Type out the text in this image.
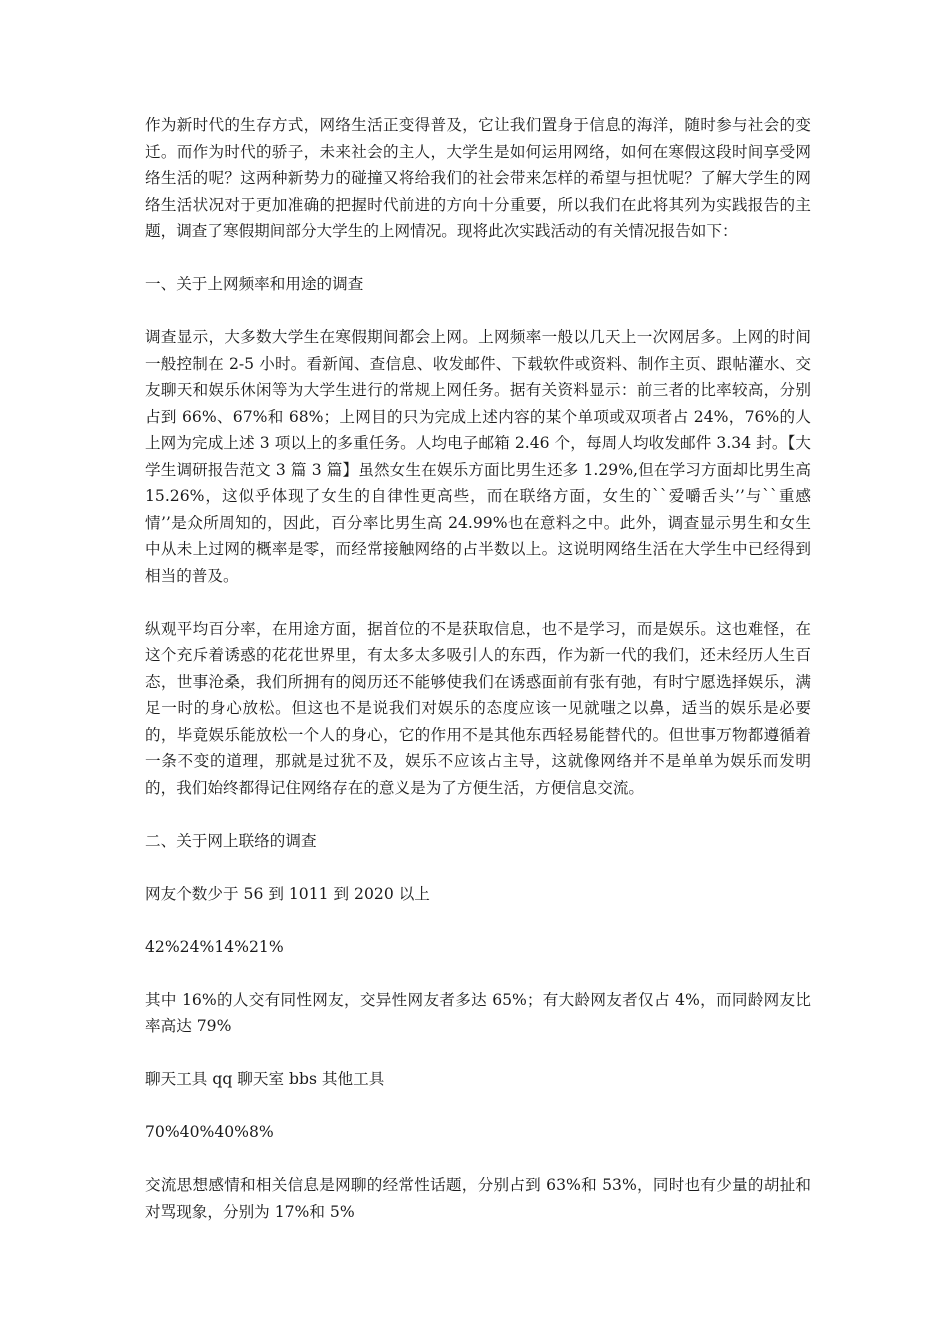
作为新时代的生存方式，网络生活正变得普及，它让我们置身于信息的海洋，随时参与社会的变迁。而作为时代的骄子，未来社会的主人，大学生是如何运用网络，如何在寒假这段时间享受网络生活的呢？这两种新势力的碰撞又将给我们的社会带来怎样的希望与担忧呢？了解大学生的网络生活状况对于更加准确的把握时代前进的方向十分重要，所以我们在此将其列为实践报告的主题，调查了寒假期间部分大学生的上网情况。现将此次实践活动的有关情况报告如下：

一、关于上网频率和用途的调查

调查显示，大多数大学生在寒假期间都会上网。上网频率一般以几天上一次网居多。上网的时间一般控制在 2-5 小时。看新闻、查信息、收发邮件、下载软件或资料、制作主页、跟帖灌水、交友聊天和娱乐休闲等为大学生进行的常规上网任务。据有关资料显示：前三者的比率较高，分别占到 66%、67%和 68%；上网目的只为完成上述内容的某个单项或双项者占 24%，76%的人上网为完成上述 3 项以上的多重任务。人均电子邮箱 2.46 个，每周人均收发邮件 3.34 封。【大学生调研报告范文 3 篇 3 篇】虽然女生在娱乐方面比男生还多 1.29%,但在学习方面却比男生高 15.26%，这似乎体现了女生的自律性更高些，而在联络方面，女生的``爱嚼舌头’’与``重感情’’是众所周知的，因此，百分率比男生高 24.99%也在意料之中。此外，调查显示男生和女生中从未上过网的概率是零，而经常接触网络的占半数以上。这说明网络生活在大学生中已经得到相当的普及。

纵观平均百分率，在用途方面，据首位的不是获取信息，也不是学习，而是娱乐。这也难怪，在这个充斥着诱惑的花花世界里，有太多太多吸引人的东西，作为新一代的我们，还未经历人生百态，世事沧桑，我们所拥有的阅历还不能够使我们在诱惑面前有张有弛，有时宁愿选择娱乐，满足一时的身心放松。但这也不是说我们对娱乐的态度应该一见就嗤之以鼻，适当的娱乐是必要的，毕竟娱乐能放松一个人的身心，它的作用不是其他东西轻易能替代的。但世事万物都遵循着一条不变的道理，那就是过犹不及，娱乐不应该占主导，这就像网络并不是单单为娱乐而发明的，我们始终都得记住网络存在的意义是为了方便生活，方便信息交流。

二、关于网上联络的调查

网友个数少于 56 到 1011 到 2020 以上

42%24%14%21%

其中 16%的人交有同性网友，交异性网友者多达 65%；有大龄网友者仅占 4%，而同龄网友比率高达 79%

聊天工具 qq 聊天室 bbs 其他工具

70%40%40%8%

交流思想感情和相关信息是网聊的经常性话题，分别占到 63%和 53%，同时也有少量的胡扯和对骂现象，分别为 17%和 5%
